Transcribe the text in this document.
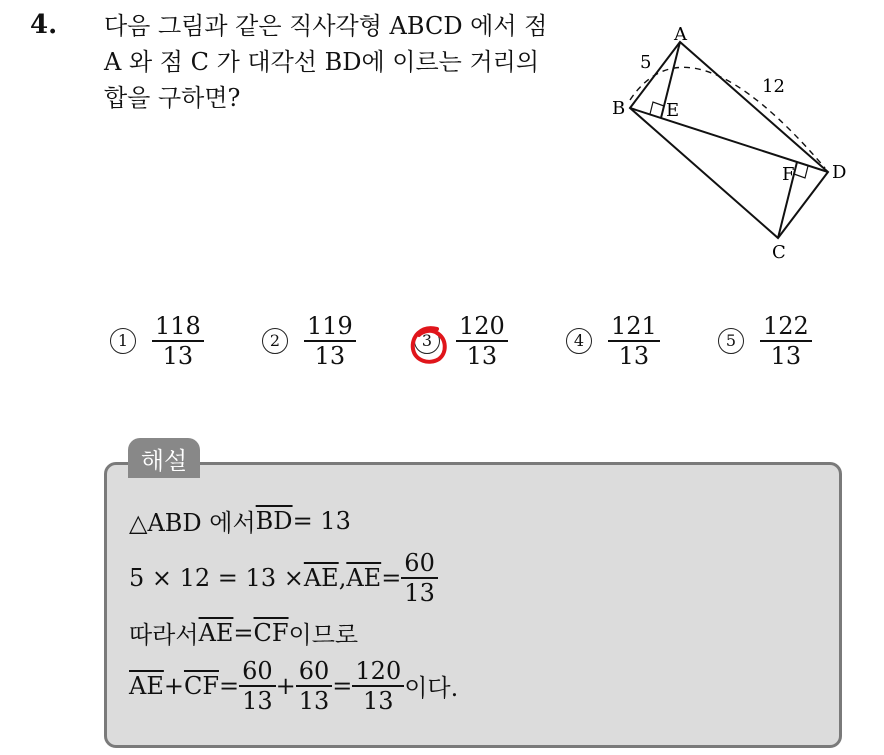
4. 다음 그림과 같은 직사각형 ABCD 에서 점
A 와 점 C 가 대각선 BD에 이르는 거리의
합을 구하면?
A
B
C
D
E
F
5
12
$1 \frac{118}{13}$	$2 \frac{119}{13}$	$3 \frac{120}{13}$	$4 \frac{121}{13}$	$5 \frac{122}{13}$
△ABD 에서 $\overline{BD} = 13$
$5 \times 12 = 13 \times \overline{AE}$ , $\overline{AE} = \frac{60}{13}$
따라서 $\overline{AE} = \overline{CF}$ 이므로
$\overline{AE} + \overline{CF} = \frac{60}{13} + \frac{60}{13} = \frac{120}{13}$ 이다.
해설
